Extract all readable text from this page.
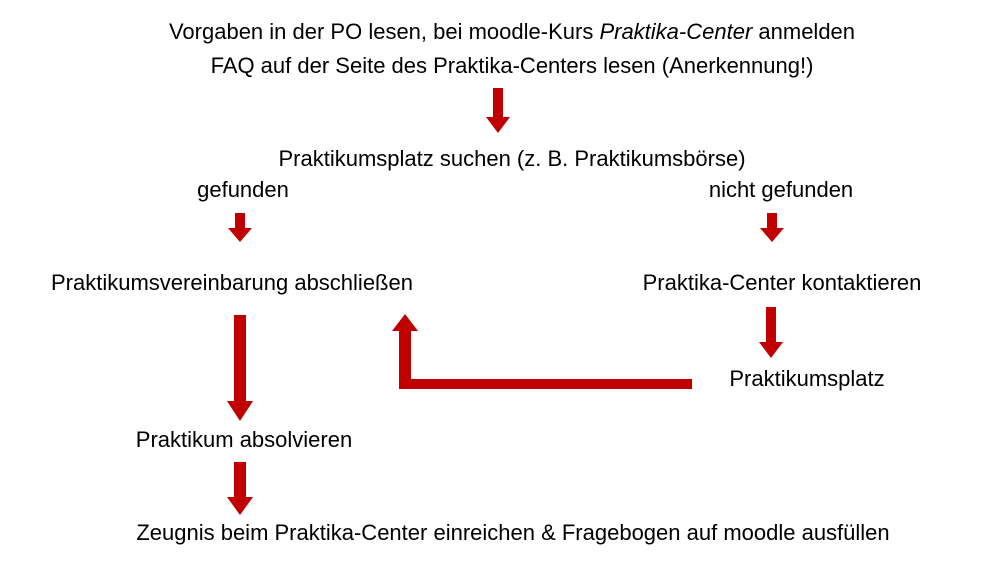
Vorgaben in der PO lesen, bei moodle-Kurs Praktika-Center anmelden
FAQ auf der Seite des Praktika-Centers lesen (Anerkennung!)
Praktikumsplatz suchen (z. B. Praktikumsbörse)
gefunden	nicht gefunden
Praktikumsvereinbarung abschließen	Praktika-Center kontaktieren
Praktikumsplatz
Praktikum absolvieren
Zeugnis beim Praktika-Center einreichen & Fragebogen auf moodle ausfüllen
